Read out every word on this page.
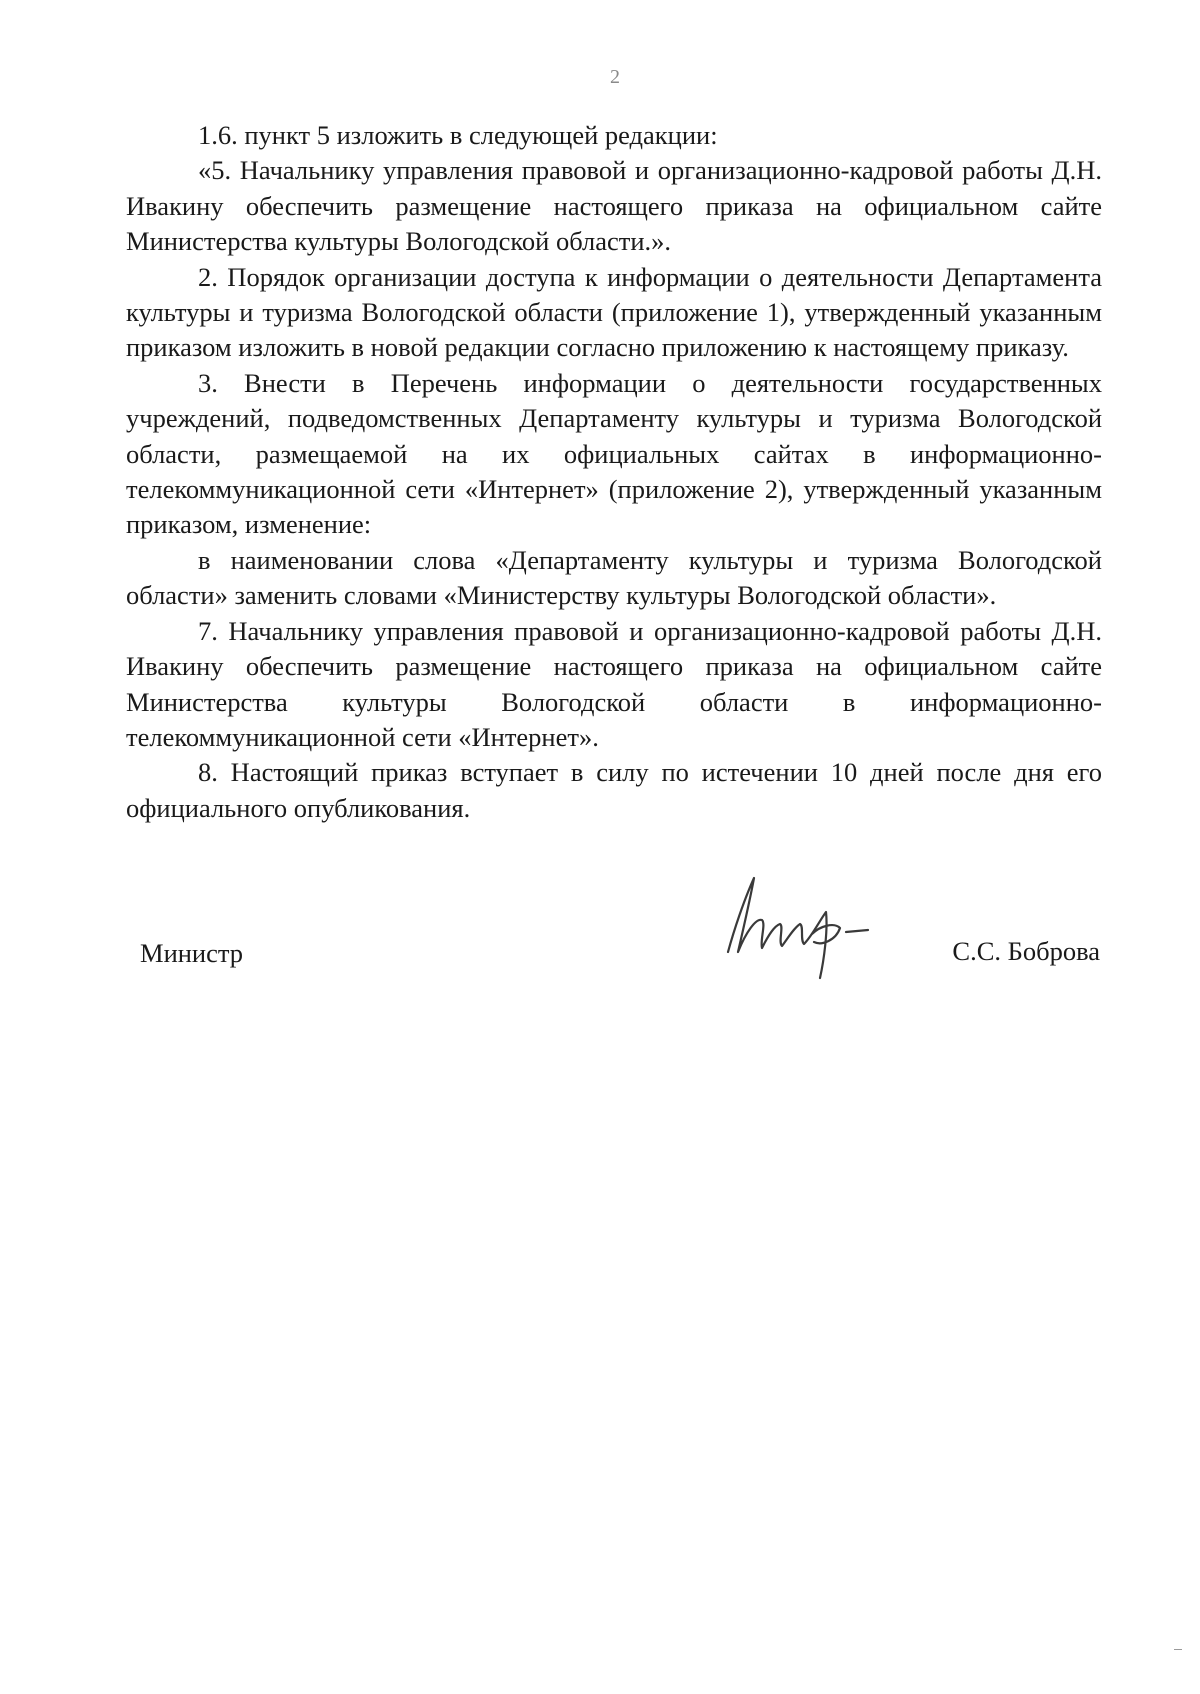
2

1.6. пункт 5 изложить в следующей редакции:

«5. Начальнику управления правовой и организационно-кадровой работы Д.Н. Ивакину обеспечить размещение настоящего приказа на официальном сайте Министерства культуры Вологодской области.».

2. Порядок организации доступа к информации о деятельности Департамента культуры и туризма Вологодской области (приложение 1), утвержденный указанным приказом изложить в новой редакции согласно приложению к настоящему приказу.

3. Внести в Перечень информации о деятельности государственных учреждений, подведомственных Департаменту культуры и туризма Вологодской области, размещаемой на их официальных сайтах в информационно-телекоммуникационной сети «Интернет» (приложение 2), утвержденный указанным приказом, изменение:

в наименовании слова «Департаменту культуры и туризма Вологодской области» заменить словами «Министерству культуры Вологодской области».

7. Начальнику управления правовой и организационно-кадровой работы Д.Н. Ивакину обеспечить размещение настоящего приказа на официальном сайте Министерства культуры Вологодской области в информационно-телекоммуникационной сети «Интернет».

8. Настоящий приказ вступает в силу по истечении 10 дней после дня его официального опубликования.

Министр	С.С. Боброва
